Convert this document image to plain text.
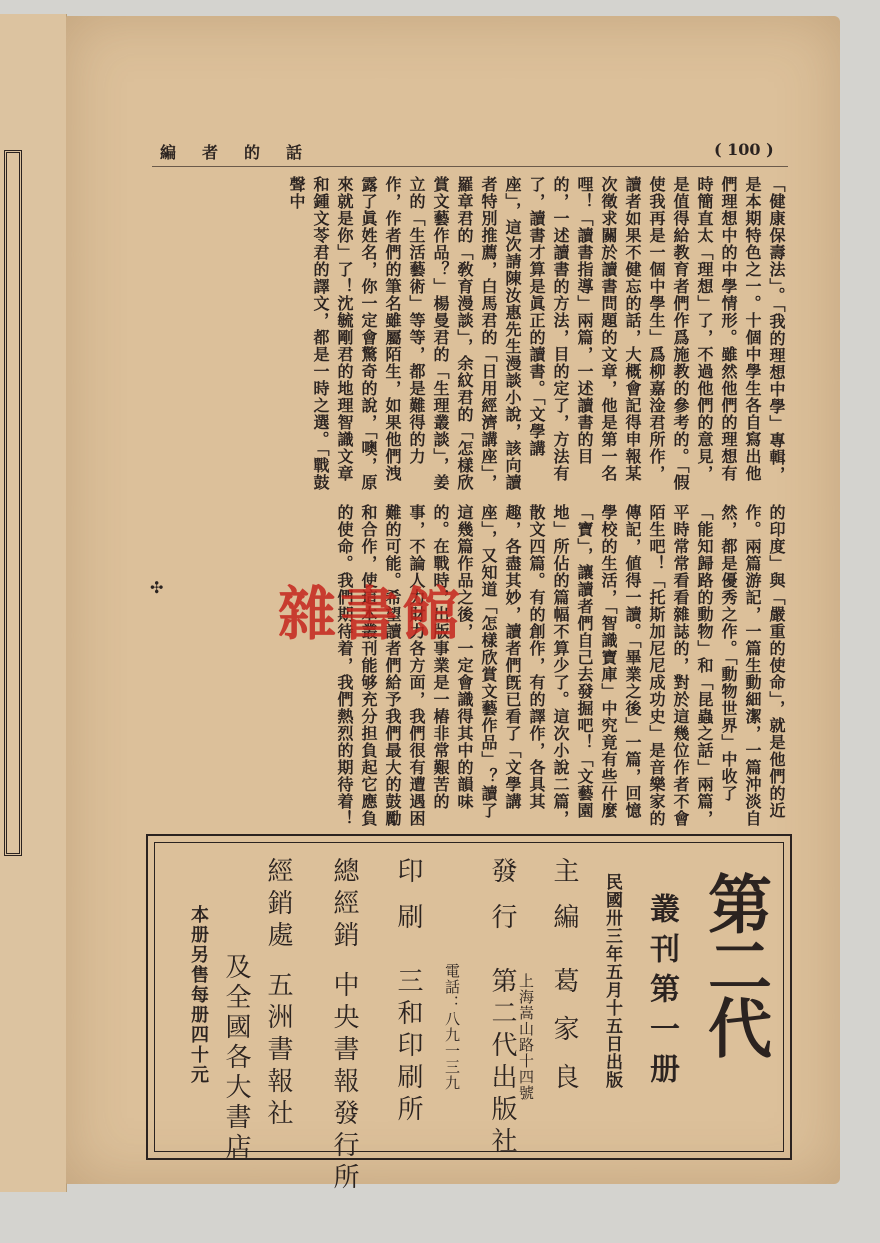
編者的話	( 100 )
「健康保壽法」。「我的理想中學」專輯，是本期特色之一。十個中學生各自寫出他們理想中的中學情形。雖然他們的理想有時簡直太「理想」了，不過他們的意見，是值得給教育者們作爲施教的參考的。「假使我再是一個中學生」爲柳嘉淦君所作，讀者如果不健忘的話，大概會記得申報某次徵求關於讀書問題的文章，他是第一名哩！「讀書指導」兩篇，一述讀書的目的，一述讀書的方法，目的定了，方法有了，讀書才算是眞正的讀書。「文學講座」，這次請陳汝惠先生漫談小說，該向讀者特別推薦，白馬君的「日用經濟講座」，羅章君的「敎育漫談」，余紋君的「怎樣欣賞文藝作品？」楊曼君的「生理叢談」，姜立的「生活藝術」等等，都是難得的力作，作者們的筆名雖屬陌生，如果他們洩露了眞姓名，你一定會驚奇的說，「噢，原來就是你」了！沈毓剛君的地理智識文章和鍾文苓君的譯文，都是一時之選。「戰鼓聲中
的印度」與「嚴重的使命」，就是他們的近作。兩篇游記，一篇生動細潔，一篇沖淡自然，都是優秀之作。「動物世界」中收了「能知歸路的動物」和「昆蟲之話」兩篇，平時常常看看雜誌的，對於這幾位作者不會陌生吧！「托斯加尼尼成功史」是音樂家的傳記，値得一讀。「畢業之後」一篇，回憶學校的生活，「智識寶庫」中究竟有些什麼「寶」，讓讀者們自己去發掘吧！「文藝園地」所佔的篇幅不算少了。這次小說二篇，散文四篇。有的創作，有的譯作，各具其趣，各盡其妙，讀者們旣已看了「文學講座」，又知道「怎樣欣賞文藝作品」？讀了這幾篇作品之後，一定會識得其中的韻味的。在戰時，出版事業是一樁非常艱苦的事，不論人力財力各方面，我們很有遭遇困難的可能。希望讀者們給予我們最大的鼓勵和合作，使這本叢刊能够充分担負起它應負的使命。我們期待着，我們熱烈的期待着！
✣ 雜書館
第二代
叢刊第一册
民國卅三年五月十五日出版
主編葛家良
發行第二代出版社 上海嵩山路十四號
電話：八九一三九
印刷三和印刷所
總經銷中央書報發行所
經銷處五洲書報社
及全國各大書店
本册另售每册四十元
